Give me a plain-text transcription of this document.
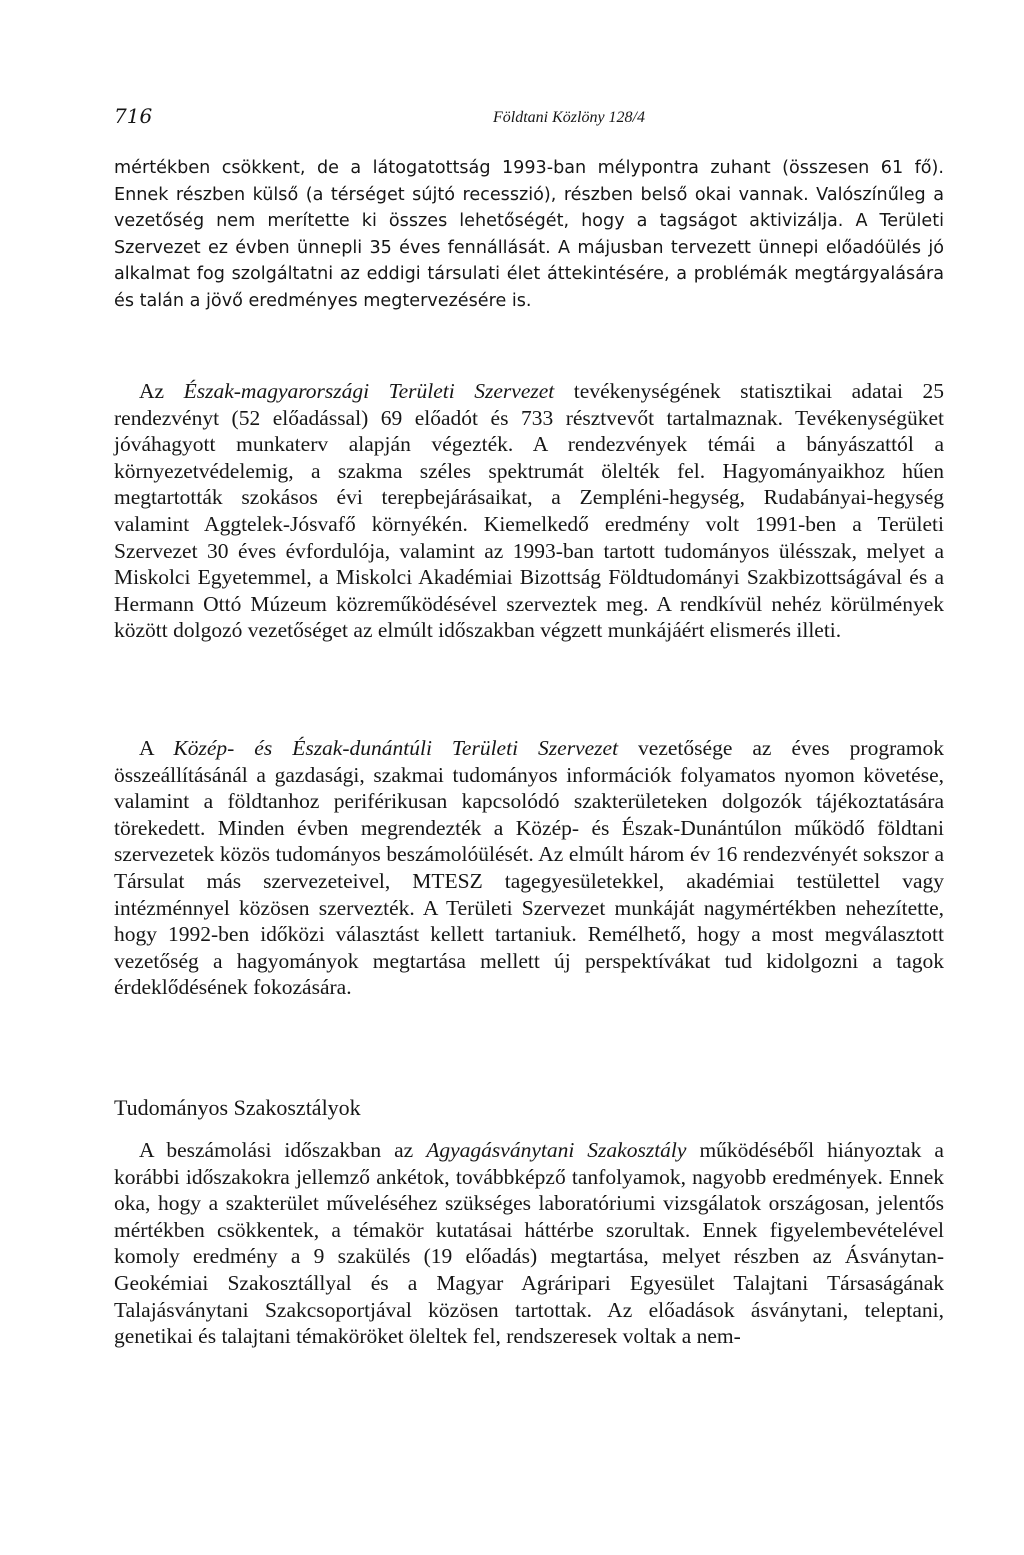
716	Földtani Közlöny 128/4

mértékben csökkent, de a látogatottság 1993-ban mélypontra zuhant (összesen 61 fő). Ennek részben külső (a térséget sújtó recesszió), részben belső okai vannak. Valószínűleg a vezetőség nem merítette ki összes lehetőségét, hogy a tagságot aktivizálja. A Területi Szervezet ez évben ünnepli 35 éves fennállását. A májusban tervezett ünnepi előadóülés jó alkalmat fog szolgáltatni az eddigi társulati élet áttekintésére, a problémák megtárgyalására és talán a jövő eredményes megtervezésére is.

Az Észak-magyarországi Területi Szervezet tevékenységének statisztikai adatai 25 rendezvényt (52 előadással) 69 előadót és 733 résztvevőt tartalmaznak. Tevékenységüket jóváhagyott munkaterv alapján végezték. A rendezvények témái a bányászattól a környezetvédelemig, a szakma széles spektrumát ölelték fel. Hagyományaikhoz hűen megtartották szokásos évi terepbejárásaikat, a Zempléni-hegység, Rudabányai-hegység valamint Aggtelek-Jósvafő környékén. Kiemelkedő eredmény volt 1991-ben a Területi Szervezet 30 éves évfordulója, valamint az 1993-ban tartott tudományos ülésszak, melyet a Miskolci Egyetemmel, a Miskolci Akadémiai Bizottság Földtudományi Szakbizottságával és a Hermann Ottó Múzeum közreműködésével szerveztek meg. A rendkívül nehéz körülmények között dolgozó vezetőséget az elmúlt időszakban végzett munkájáért elismerés illeti.

A Közép- és Észak-dunántúli Területi Szervezet vezetősége az éves programok összeállításánál a gazdasági, szakmai tudományos információk folyamatos nyomon követése, valamint a földtanhoz periférikusan kapcsolódó szakterületeken dolgozók tájékoztatására törekedett. Minden évben megrendezték a Közép- és Észak-Dunántúlon működő földtani szervezetek közös tudományos beszámolóülését. Az elmúlt három év 16 rendezvényét sokszor a Társulat más szervezeteivel, MTESZ tagegyesületekkel, akadémiai testülettel vagy intézménnyel közösen szervezték. A Területi Szervezet munkáját nagymértékben nehezítette, hogy 1992-ben időközi választást kellett tartaniuk. Remélhető, hogy a most megválasztott vezetőség a hagyományok megtartása mellett új perspektívákat tud kidolgozni a tagok érdeklődésének fokozására.

Tudományos Szakosztályok

A beszámolási időszakban az Agyagásványtani Szakosztály működéséből hiányoztak a korábbi időszakokra jellemző ankétok, továbbképző tanfolyamok, nagyobb eredmények. Ennek oka, hogy a szakterület műveléséhez szükséges laboratóriumi vizsgálatok országosan, jelentős mértékben csökkentek, a témakör kutatásai háttérbe szorultak. Ennek figyelembevételével komoly eredmény a 9 szakülés (19 előadás) megtartása, melyet részben az Ásványtan-Geokémiai Szakosztállyal és a Magyar Agráripari Egyesület Talajtani Társaságának Talajásványtani Szakcsoportjával közösen tartottak. Az előadások ásványtani, teleptani, genetikai és talajtani témaköröket öleltek fel, rendszeresek voltak a nem-
